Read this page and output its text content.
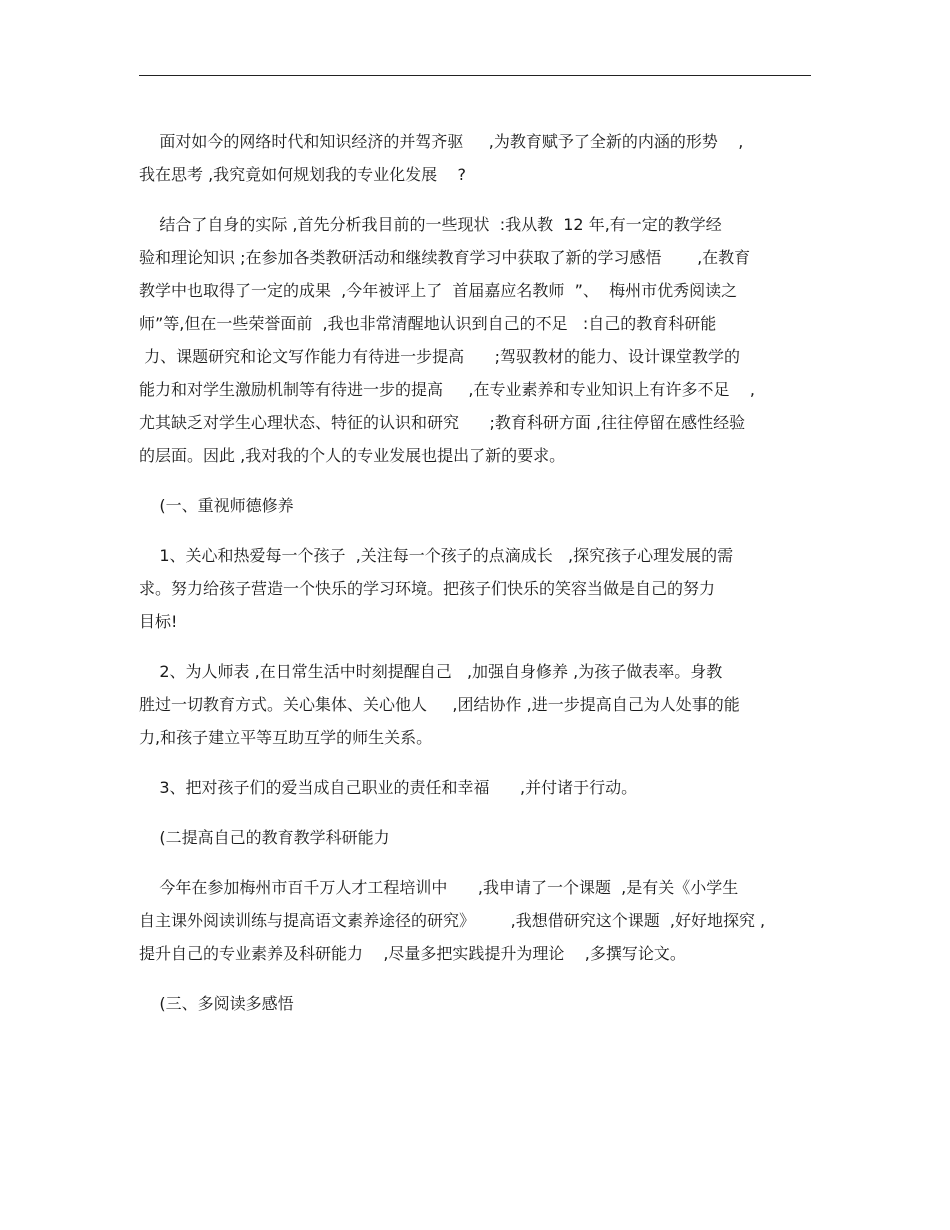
面对如今的网络时代和知识经济的并驾齐驱     ,为教育赋予了全新的内涵的形势    ,
我在思考 ,我究竟如何规划我的专业化发展    ?
结合了自身的实际 ,首先分析我目前的一些现状  :我从教  12 年,有一定的教学经
验和理论知识 ;在参加各类教研活动和继续教育学习中获取了新的学习感悟       ,在教育
教学中也取得了一定的成果  ,今年被评上了  首届嘉应名教师  ”、  梅州市优秀阅读之
师”等,但在一些荣誉面前  ,我也非常清醒地认识到自己的不足   :自己的教育科研能
力、课题研究和论文写作能力有待进一步提高      ;驾驭教材的能力、设计课堂教学的
能力和对学生激励机制等有待进一步的提高     ,在专业素养和专业知识上有许多不足    ,
尤其缺乏对学生心理状态、特征的认识和研究      ;教育科研方面 ,往往停留在感性经验
的层面。因此 ,我对我的个人的专业发展也提出了新的要求。
(一、重视师德修养
1、关心和热爱每一个孩子  ,关注每一个孩子的点滴成长   ,探究孩子心理发展的需
求。努力给孩子营造一个快乐的学习环境。把孩子们快乐的笑容当做是自己的努力
目标!
2、为人师表 ,在日常生活中时刻提醒自己   ,加强自身修养 ,为孩子做表率。身教
胜过一切教育方式。关心集体、关心他人     ,团结协作 ,进一步提高自己为人处事的能
力,和孩子建立平等互助互学的师生关系。
3、把对孩子们的爱当成自己职业的责任和幸福      ,并付诸于行动。
(二提高自己的教育教学科研能力
今年在参加梅州市百千万人才工程培训中      ,我申请了一个课题  ,是有关《小学生
自主课外阅读训练与提高语文素养途径的研究》       ,我想借研究这个课题  ,好好地探究 ,
提升自己的专业素养及科研能力    ,尽量多把实践提升为理论    ,多撰写论文。
(三、多阅读多感悟
